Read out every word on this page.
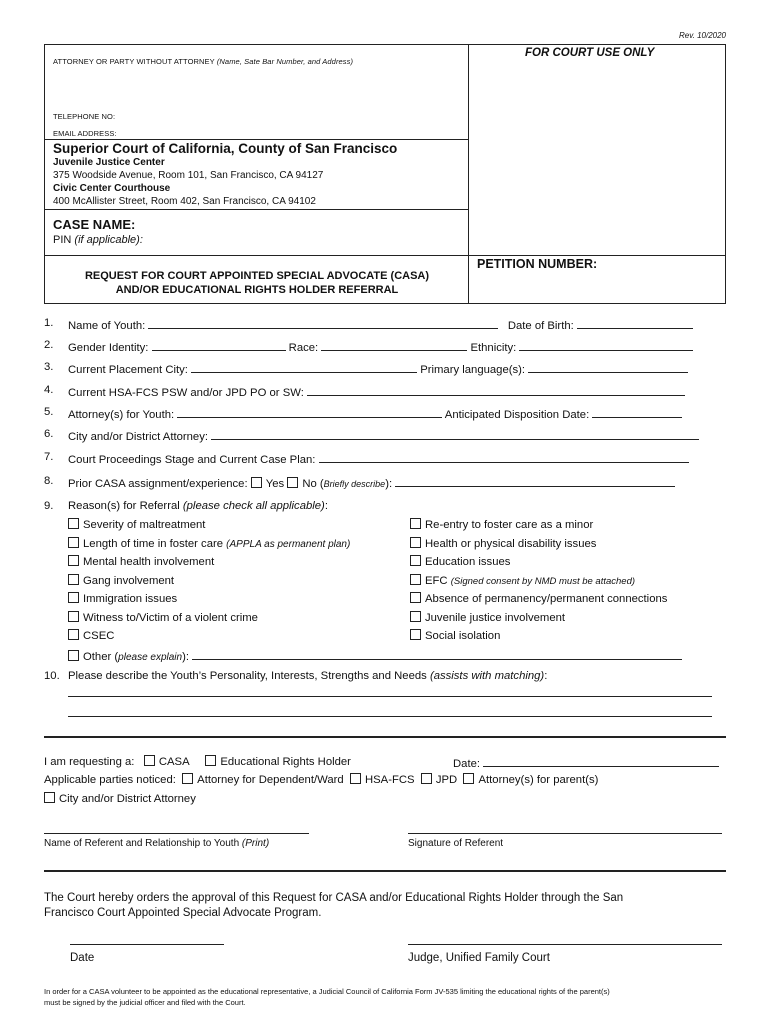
Rev. 10/2020
ATTORNEY OR PARTY WITHOUT ATTORNEY (Name, Sate Bar Number, and Address)
FOR COURT USE ONLY
TELEPHONE NO:
EMAIL ADDRESS:
Superior Court of California, County of San Francisco
Juvenile Justice Center
375 Woodside Avenue, Room 101, San Francisco, CA 94127
Civic Center Courthouse
400 McAllister Street, Room 402, San Francisco, CA 94102
CASE NAME:
PIN (if applicable):
REQUEST FOR COURT APPOINTED SPECIAL ADVOCATE (CASA)
AND/OR EDUCATIONAL RIGHTS HOLDER REFERRAL
PETITION NUMBER:
1. Name of Youth:	Date of Birth:
2. Gender Identity:	Race:	Ethnicity:
3. Current Placement City:	Primary language(s):
4. Current HSA-FCS PSW and/or JPD PO or SW:
5. Attorney(s) for Youth:	Anticipated Disposition Date:
6. City and/or District Attorney:
7. Court Proceedings Stage and Current Case Plan:
8. Prior CASA assignment/experience: Yes No (Briefly describe):
9. Reason(s) for Referral (please check all applicable):
Severity of maltreatment
Length of time in foster care (APPLA as permanent plan)
Mental health involvement
Gang involvement
Immigration issues
Witness to/Victim of a violent crime
CSEC
Re-entry to foster care as a minor
Health or physical disability issues
Education issues
EFC (Signed consent by NMD must be attached)
Absence of permanency/permanent connections
Juvenile justice involvement
Social isolation
Other (please explain):
10. Please describe the Youth’s Personality, Interests, Strengths and Needs (assists with matching):
I am requesting a: CASA	Educational Rights Holder	Date:
Applicable parties noticed: Attorney for Dependent/Ward HSA-FCS JPD Attorney(s) for parent(s)
City and/or District Attorney
Name of Referent and Relationship to Youth (Print)	Signature of Referent
The Court hereby orders the approval of this Request for CASA and/or Educational Rights Holder through the San
Francisco Court Appointed Special Advocate Program.
Date	Judge, Unified Family Court
In order for a CASA volunteer to be appointed as the educational representative, a Judicial Council of California Form JV-535 limiting the educational rights of the parent(s)
must be signed by the judicial officer and filed with the Court.
